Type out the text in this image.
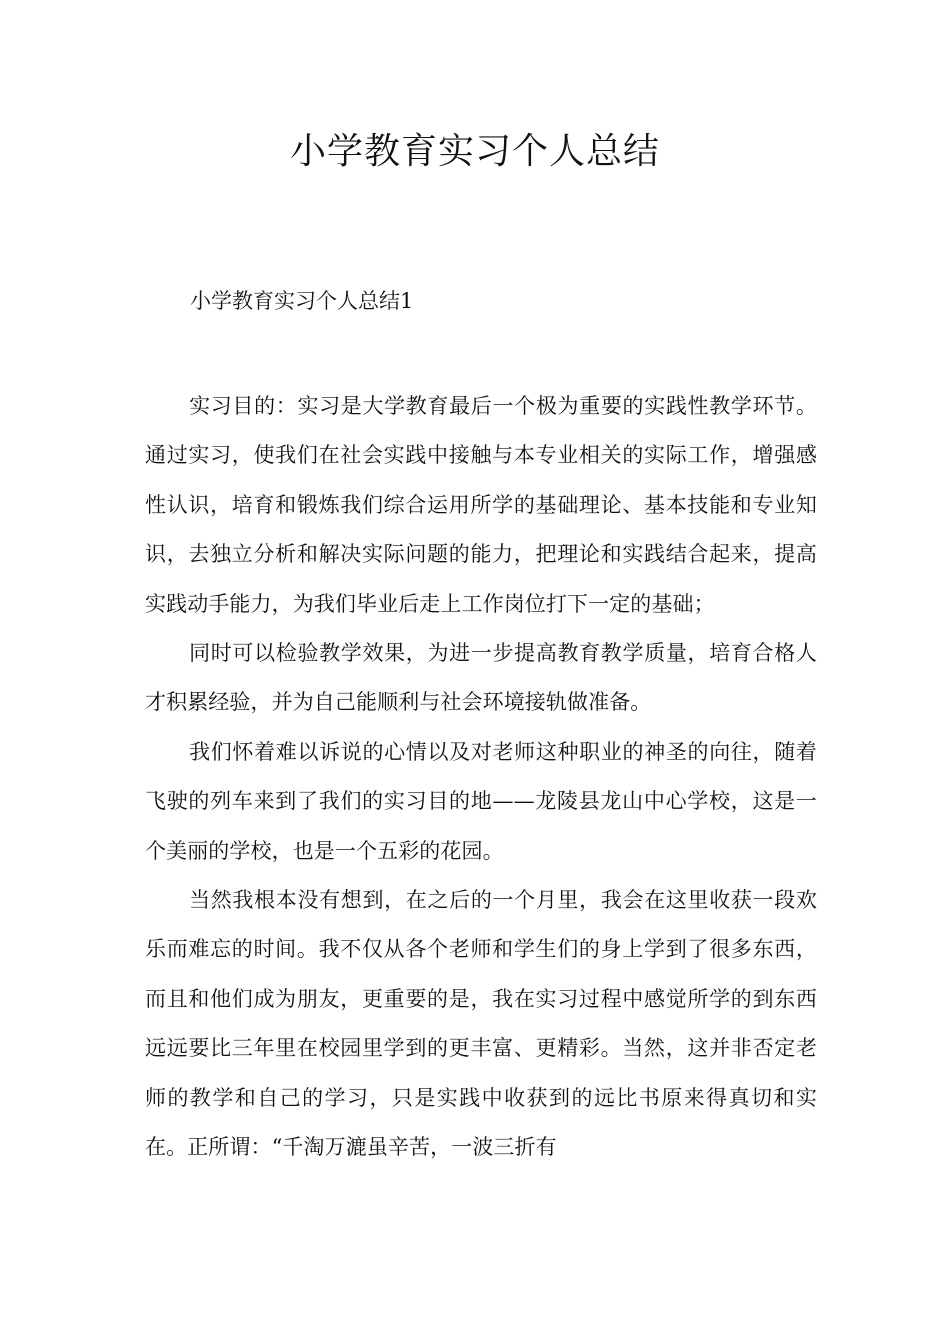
小学教育实习个人总结
小学教育实习个人总结1

实习目的：实习是大学教育最后一个极为重要的实践性教学环节。通过实习，使我们在社会实践中接触与本专业相关的实际工作，增强感性认识，培育和锻炼我们综合运用所学的基础理论、基本技能和专业知识，去独立分析和解决实际问题的能力，把理论和实践结合起来，提高实践动手能力，为我们毕业后走上工作岗位打下一定的基础；

同时可以检验教学效果，为进一步提高教育教学质量，培育合格人才积累经验，并为自己能顺利与社会环境接轨做准备。

我们怀着难以诉说的心情以及对老师这种职业的神圣的向往，随着飞驶的列车来到了我们的实习目的地——龙陵县龙山中心学校，这是一个美丽的学校，也是一个五彩的花园。

当然我根本没有想到，在之后的一个月里，我会在这里收获一段欢乐而难忘的时间。我不仅从各个老师和学生们的身上学到了很多东西，而且和他们成为朋友，更重要的是，我在实习过程中感觉所学的到东西远远要比三年里在校园里学到的更丰富、更精彩。当然，这并非否定老师的教学和自己的学习，只是实践中收获到的远比书原来得真切和实在。正所谓：“千淘万漉虽辛苦，一波三折有
